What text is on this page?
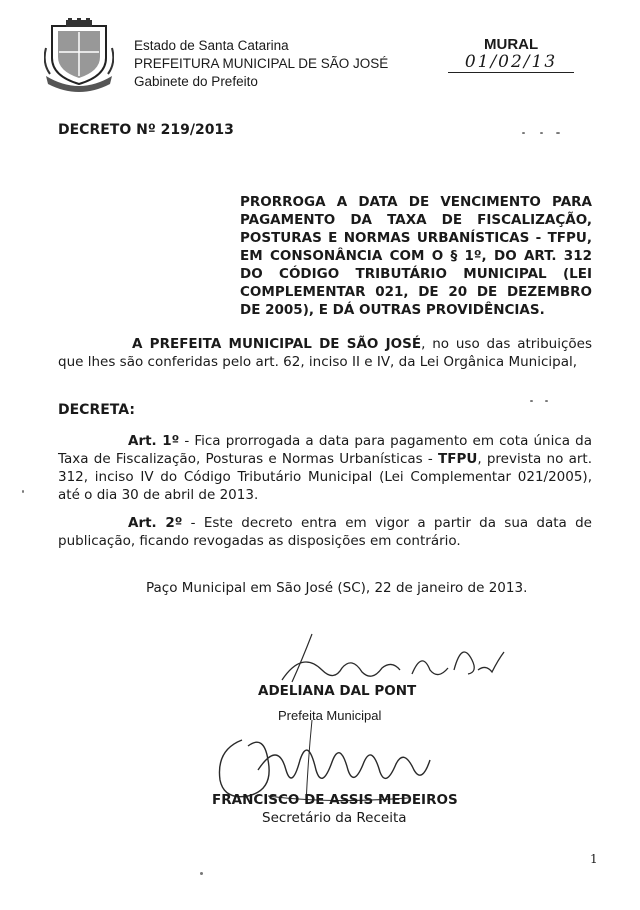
Estado de Santa Catarina
PREFEITURA MUNICIPAL DE SÃO JOSÉ
Gabinete do Prefeito
MURAL
01/02/13
DECRETO Nº 219/2013
PRORROGA A DATA DE VENCIMENTO PARA PAGAMENTO DA TAXA DE FISCALIZAÇÃO, POSTURAS E NORMAS URBANÍSTICAS - TFPU, EM CONSONÂNCIA COM O § 1º, DO ART. 312 DO CÓDIGO TRIBUTÁRIO MUNICIPAL (LEI COMPLEMENTAR 021, DE 20 DE DEZEMBRO DE 2005), E DÁ OUTRAS PROVIDÊNCIAS.
A PREFEITA MUNICIPAL DE SÃO JOSÉ, no uso das atribuições que lhes são conferidas pelo art. 62, inciso II e IV, da Lei Orgânica Municipal,
DECRETA:
Art. 1º - Fica prorrogada a data para pagamento em cota única da Taxa de Fiscalização, Posturas e Normas Urbanísticas - TFPU, prevista no art. 312, inciso IV do Código Tributário Municipal (Lei Complementar 021/2005), até o dia 30 de abril de 2013.
Art. 2º - Este decreto entra em vigor a partir da sua data de publicação, ficando revogadas as disposições em contrário.
Paço Municipal em São José (SC), 22 de janeiro de 2013.
ADELIANA DAL PONT
Prefeita Municipal
FRANCISCO DE ASSIS MEDEIROS
Secretário da Receita
1
